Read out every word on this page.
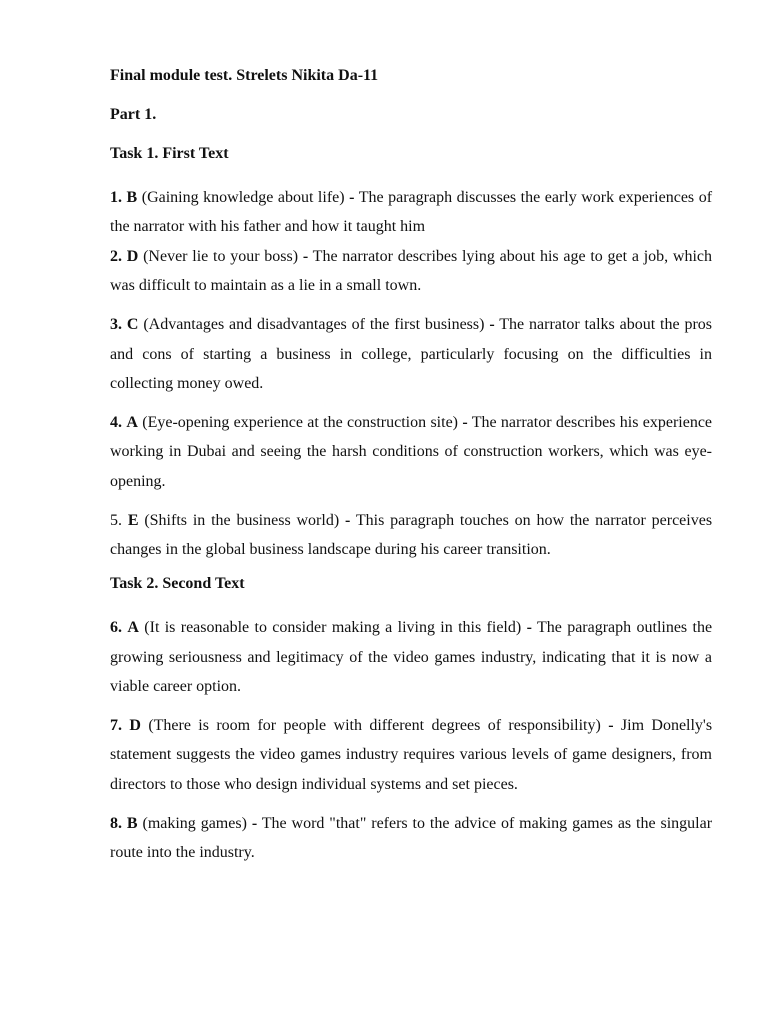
Final module test. Strelets Nikita Da-11

Part 1.

Task 1. First Text

1. B (Gaining knowledge about life) - The paragraph discusses the early work experiences of the narrator with his father and how it taught him

2. D (Never lie to your boss) - The narrator describes lying about his age to get a job, which was difficult to maintain as a lie in a small town.

3. C (Advantages and disadvantages of the first business) - The narrator talks about the pros and cons of starting a business in college, particularly focusing on the difficulties in collecting money owed.

4. A (Eye-opening experience at the construction site) - The narrator describes his experience working in Dubai and seeing the harsh conditions of construction workers, which was eye-opening.

5. E (Shifts in the business world) - This paragraph touches on how the narrator perceives changes in the global business landscape during his career transition.

Task 2. Second Text

6. A (It is reasonable to consider making a living in this field) - The paragraph outlines the growing seriousness and legitimacy of the video games industry, indicating that it is now a viable career option.

7. D (There is room for people with different degrees of responsibility) - Jim Donelly's statement suggests the video games industry requires various levels of game designers, from directors to those who design individual systems and set pieces.

8. B (making games) - The word "that" refers to the advice of making games as the singular route into the industry.
